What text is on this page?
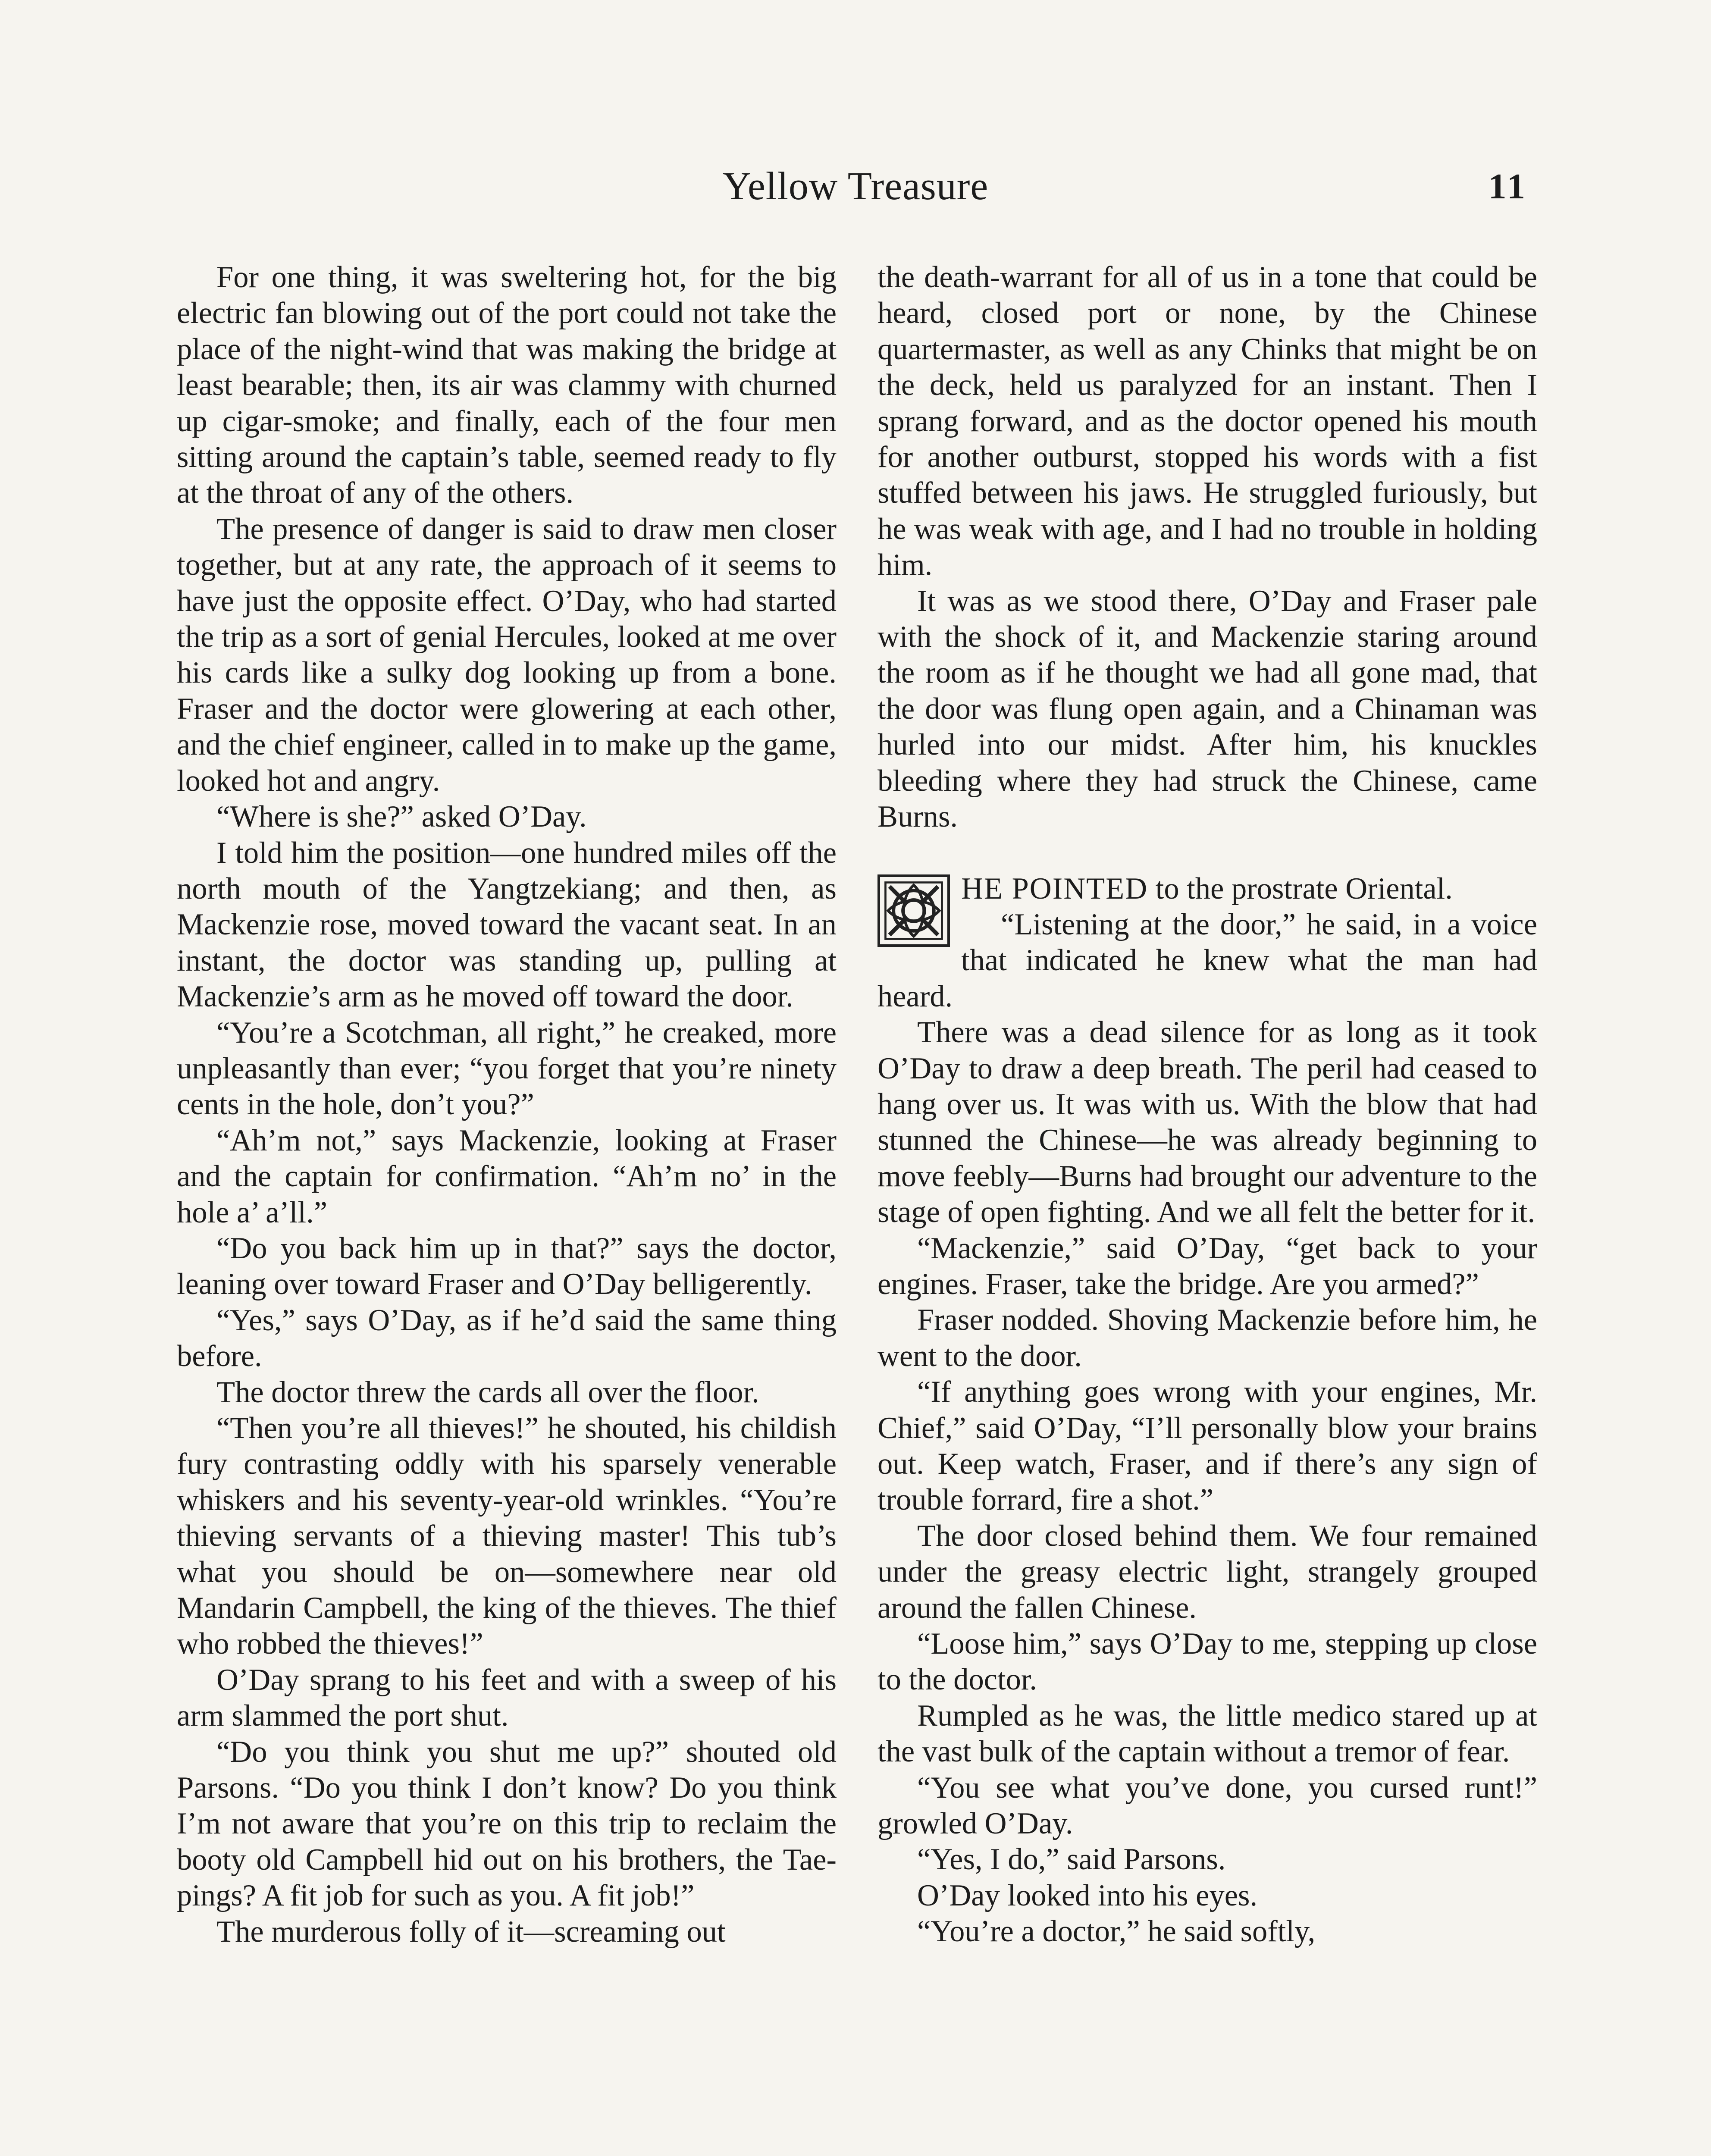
Yellow Treasure	11

For one thing, it was sweltering hot, for the big electric fan blowing out of the port could not take the place of the night-wind that was making the bridge at least bearable; then, its air was clammy with churned up cigar-smoke; and finally, each of the four men sitting around the captain’s table, seemed ready to fly at the throat of any of the others.

The presence of danger is said to draw men closer together, but at any rate, the approach of it seems to have just the opposite effect. O’Day, who had started the trip as a sort of genial Hercules, looked at me over his cards like a sulky dog looking up from a bone. Fraser and the doctor were glowering at each other, and the chief engineer, called in to make up the game, looked hot and angry.

“Where is she?” asked O’Day.

I told him the position—one hundred miles off the north mouth of the Yangtzekiang; and then, as Mackenzie rose, moved toward the vacant seat. In an instant, the doctor was standing up, pulling at Mackenzie’s arm as he moved off toward the door.

“You’re a Scotchman, all right,” he creaked, more unpleasantly than ever; “you forget that you’re ninety cents in the hole, don’t you?”

“Ah’m not,” says Mackenzie, looking at Fraser and the captain for confirmation. “Ah’m no’ in the hole a’ a’ll.”

“Do you back him up in that?” says the doctor, leaning over toward Fraser and O’Day belligerently.

“Yes,” says O’Day, as if he’d said the same thing before.

The doctor threw the cards all over the floor.

“Then you’re all thieves!” he shouted, his childish fury contrasting oddly with his sparsely venerable whiskers and his seventy-year-old wrinkles. “You’re thieving servants of a thieving master! This tub’s what you should be on—somewhere near old Mandarin Campbell, the king of the thieves. The thief who robbed the thieves!”

O’Day sprang to his feet and with a sweep of his arm slammed the port shut.

“Do you think you shut me up?” shouted old Parsons. “Do you think I don’t know? Do you think I’m not aware that you’re on this trip to reclaim the booty old Campbell hid out on his brothers, the Tae-pings? A fit job for such as you. A fit job!”

The murderous folly of it—screaming out

the death-warrant for all of us in a tone that could be heard, closed port or none, by the Chinese quartermaster, as well as any Chinks that might be on the deck, held us paralyzed for an instant. Then I sprang forward, and as the doctor opened his mouth for another outburst, stopped his words with a fist stuffed between his jaws. He struggled furiously, but he was weak with age, and I had no trouble in holding him.

It was as we stood there, O’Day and Fraser pale with the shock of it, and Mackenzie staring around the room as if he thought we had all gone mad, that the door was flung open again, and a Chinaman was hurled into our midst. After him, his knuckles bleeding where they had struck the Chinese, came Burns.

HE POINTED to the prostrate Oriental.

“Listening at the door,” he said, in a voice that indicated he knew what the man had heard.

There was a dead silence for as long as it took O’Day to draw a deep breath. The peril had ceased to hang over us. It was with us. With the blow that had stunned the Chinese—he was already beginning to move feebly—Burns had brought our adventure to the stage of open fighting. And we all felt the better for it.

“Mackenzie,” said O’Day, “get back to your engines. Fraser, take the bridge. Are you armed?”

Fraser nodded. Shoving Mackenzie before him, he went to the door.

“If anything goes wrong with your engines, Mr. Chief,” said O’Day, “I’ll personally blow your brains out. Keep watch, Fraser, and if there’s any sign of trouble forrard, fire a shot.”

The door closed behind them. We four remained under the greasy electric light, strangely grouped around the fallen Chinese.

“Loose him,” says O’Day to me, stepping up close to the doctor.

Rumpled as he was, the little medico stared up at the vast bulk of the captain without a tremor of fear.

“You see what you’ve done, you cursed runt!” growled O’Day.

“Yes, I do,” said Parsons.

O’Day looked into his eyes.

“You’re a doctor,” he said softly,
